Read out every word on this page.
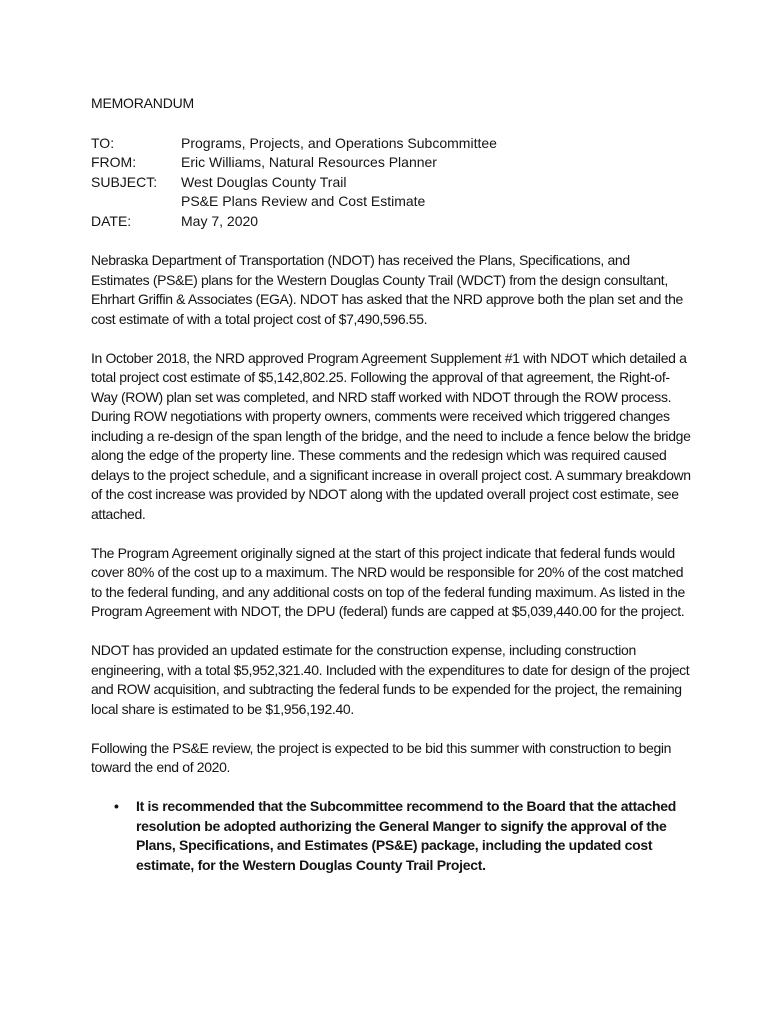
MEMORANDUM
TO:	Programs, Projects, and Operations Subcommittee
FROM:	Eric Williams, Natural Resources Planner
SUBJECT:	West Douglas County Trail
	PS&E Plans Review and Cost Estimate
DATE:	May 7, 2020

Nebraska Department of Transportation (NDOT) has received the Plans, Specifications, and Estimates (PS&E) plans for the Western Douglas County Trail (WDCT) from the design consultant, Ehrhart Griffin & Associates (EGA). NDOT has asked that the NRD approve both the plan set and the cost estimate of with a total project cost of $7,490,596.55.

In October 2018, the NRD approved Program Agreement Supplement #1 with NDOT which detailed a total project cost estimate of $5,142,802.25. Following the approval of that agreement, the Right-of-Way (ROW) plan set was completed, and NRD staff worked with NDOT through the ROW process. During ROW negotiations with property owners, comments were received which triggered changes including a re-design of the span length of the bridge, and the need to include a fence below the bridge along the edge of the property line. These comments and the redesign which was required caused delays to the project schedule, and a significant increase in overall project cost. A summary breakdown of the cost increase was provided by NDOT along with the updated overall project cost estimate, see attached.

The Program Agreement originally signed at the start of this project indicate that federal funds would cover 80% of the cost up to a maximum. The NRD would be responsible for 20% of the cost matched to the federal funding, and any additional costs on top of the federal funding maximum. As listed in the Program Agreement with NDOT, the DPU (federal) funds are capped at $5,039,440.00 for the project.

NDOT has provided an updated estimate for the construction expense, including construction engineering, with a total $5,952,321.40. Included with the expenditures to date for design of the project and ROW acquisition, and subtracting the federal funds to be expended for the project, the remaining local share is estimated to be $1,956,192.40.

Following the PS&E review, the project is expected to be bid this summer with construction to begin toward the end of 2020.

• It is recommended that the Subcommittee recommend to the Board that the attached resolution be adopted authorizing the General Manger to signify the approval of the Plans, Specifications, and Estimates (PS&E) package, including the updated cost estimate, for the Western Douglas County Trail Project.
